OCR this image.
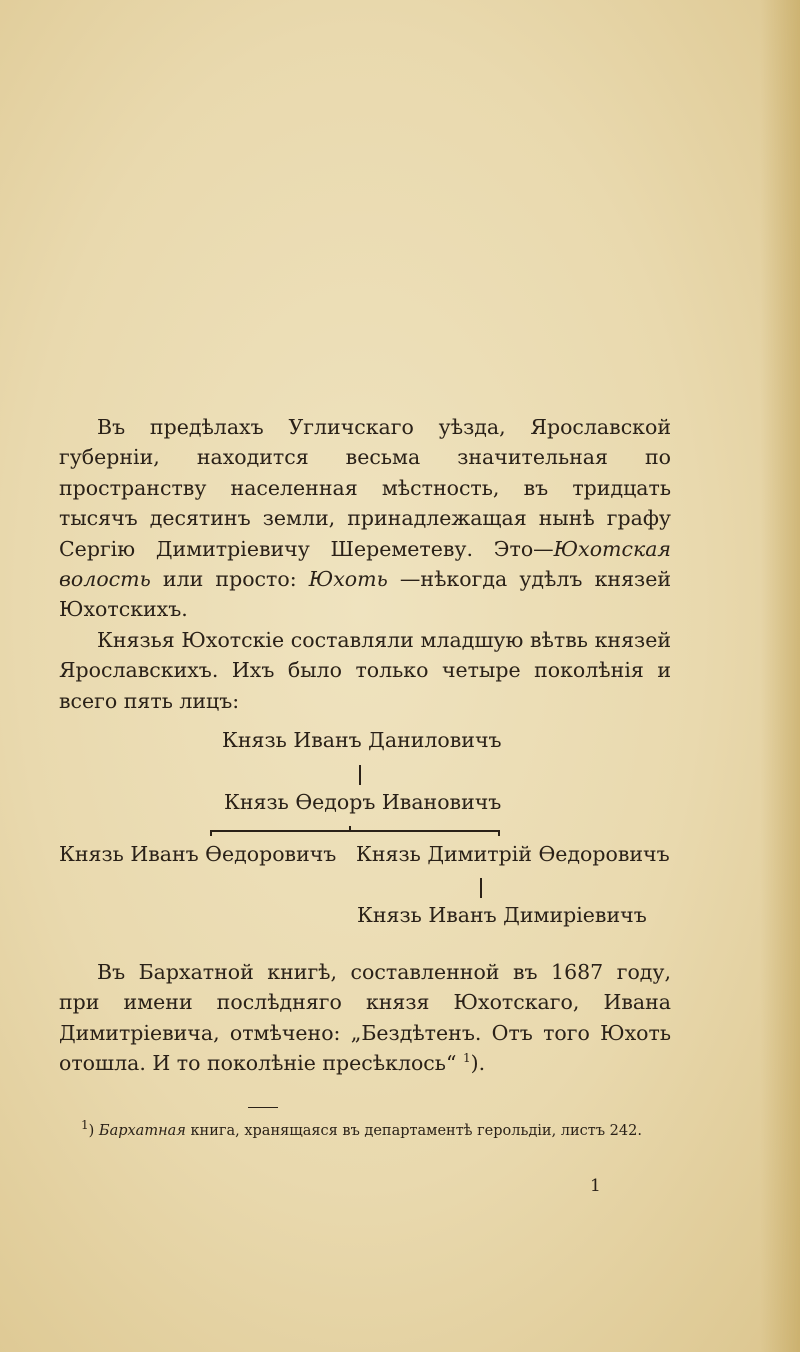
Въ предѣлахъ Угличскаго уѣзда, Ярославской губерніи, находится весьма значительная по пространству населенная мѣстность, въ тридцать тысячъ десятинъ земли, принадлежащая нынѣ графу Сергію Димитріевичу Шереметеву. Это—Юхотская волость или просто: Юхоть —нѣкогда удѣлъ князей Юхотскихъ.

Князья Юхотскіе составляли младшую вѣтвь князей Ярославскихъ. Ихъ было только четыре поколѣнія и всего пять лицъ:

Князь Иванъ Даниловичъ
Князь Ѳедоръ Ивановичъ
Князь Иванъ Ѳедоровичъ Князь Димитрій Ѳедоровичъ
Князь Иванъ Димиріевичъ

Въ Бархатной книгѣ, составленной въ 1687 году, при имени послѣдняго князя Юхотскаго, Ивана Димитріевича, отмѣчено: „Бездѣтенъ. Отъ того Юхоть отошла. И то поколѣніе пресѣклось“ $^1$).

$^1$) Бархатная книга, хранящаяся въ департаментѣ герольдіи, листъ 242.

1
